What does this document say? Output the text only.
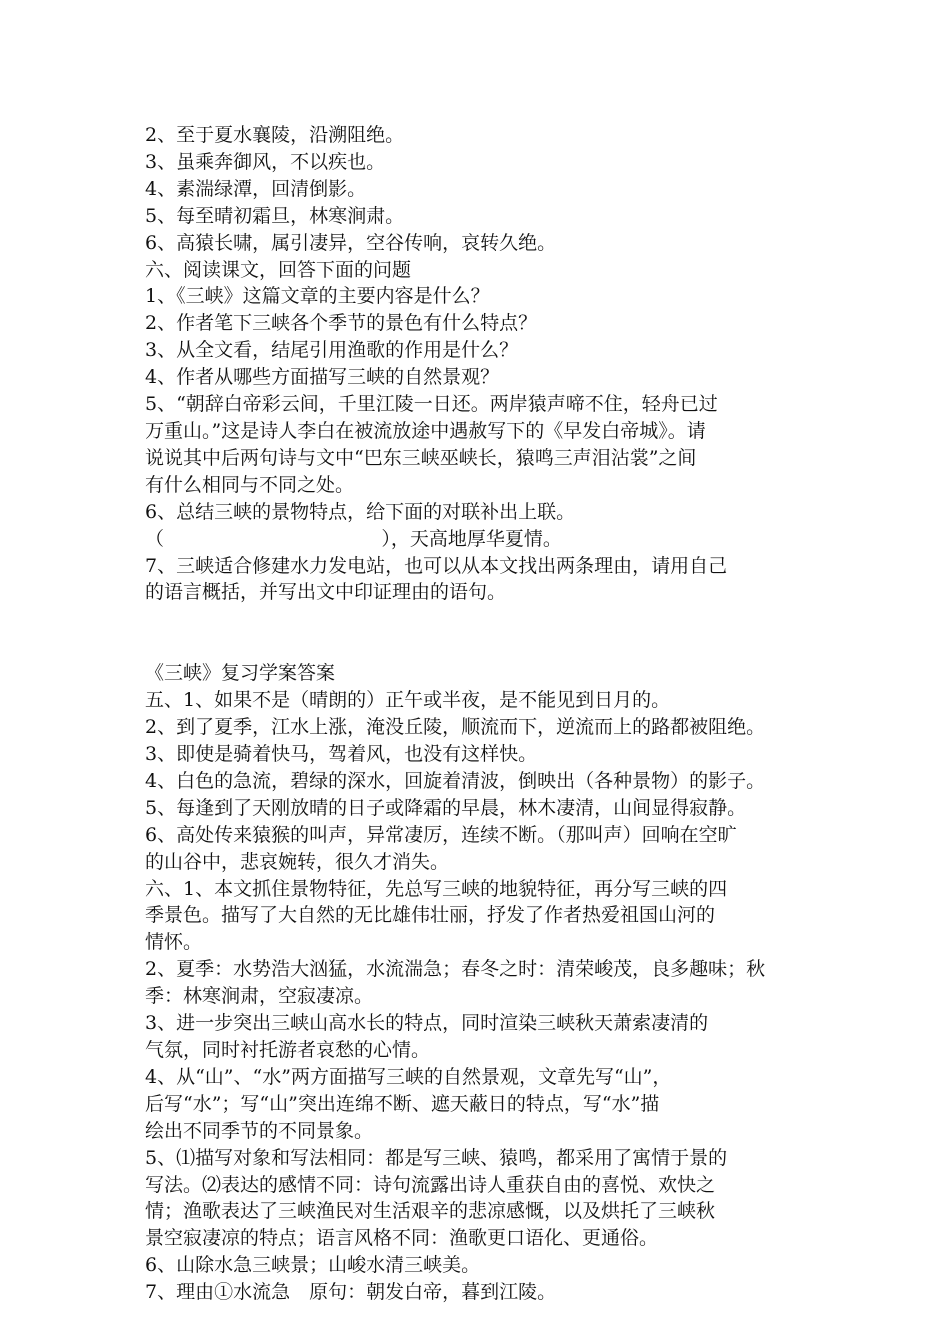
2、至于夏水襄陵，沿溯阻绝。

3、虽乘奔御风，不以疾也。

4、素湍绿潭，回清倒影。

5、每至晴初霜旦，林寒涧肃。

6、高猿长啸，属引凄异，空谷传响，哀转久绝。

六、阅读课文，回答下面的问题

1、《三峡》这篇文章的主要内容是什么？

2、作者笔下三峡各个季节的景色有什么特点？

3、从全文看，结尾引用渔歌的作用是什么？

4、作者从哪些方面描写三峡的自然景观？

5、“朝辞白帝彩云间，千里江陵一日还。两岸猿声啼不住，轻舟已过

万重山。”这是诗人李白在被流放途中遇赦写下的《早发白帝城》。请

说说其中后两句诗与文中“巴东三峡巫峡长，猿鸣三声泪沾裳”之间

有什么相同与不同之处。

6、总结三峡的景物特点，给下面的对联补出上联。

（                                    ），天高地厚华夏情。

7、三峡适合修建水力发电站，也可以从本文找出两条理由，请用自己

的语言概括，并写出文中印证理由的语句。

《三峡》复习学案答案

五、1、如果不是（晴朗的）正午或半夜，是不能见到日月的。

2、到了夏季，江水上涨，淹没丘陵，顺流而下，逆流而上的路都被阻绝。

3、即使是骑着快马，驾着风，也没有这样快。

4、白色的急流，碧绿的深水，回旋着清波，倒映出（各种景物）的影子。

5、每逢到了天刚放晴的日子或降霜的早晨，林木凄清，山间显得寂静。

6、高处传来猿猴的叫声，异常凄厉，连续不断。（那叫声）回响在空旷

的山谷中，悲哀婉转，很久才消失。

六、1、本文抓住景物特征，先总写三峡的地貌特征，再分写三峡的四

季景色。描写了大自然的无比雄伟壮丽，抒发了作者热爱祖国山河的

情怀。

2、夏季：水势浩大汹猛，水流湍急；春冬之时：清荣峻茂，良多趣味；秋

季：林寒涧肃，空寂凄凉。

3、进一步突出三峡山高水长的特点，同时渲染三峡秋天萧索凄清的

气氛，同时衬托游者哀愁的心情。

4、从“山”、“水”两方面描写三峡的自然景观，文章先写“山”，

后写“水”；写“山”突出连绵不断、遮天蔽日的特点，写“水”描

绘出不同季节的不同景象。

5、⑴描写对象和写法相同：都是写三峡、猿鸣，都采用了寓情于景的

写法。⑵表达的感情不同：诗句流露出诗人重获自由的喜悦、欢快之

情；渔歌表达了三峡渔民对生活艰辛的悲凉感慨，以及烘托了三峡秋

景空寂凄凉的特点；语言风格不同：渔歌更口语化、更通俗。

6、山除水急三峡景；山峻水清三峡美。

7、理由①水流急　原句：朝发白帝，暮到江陵。
